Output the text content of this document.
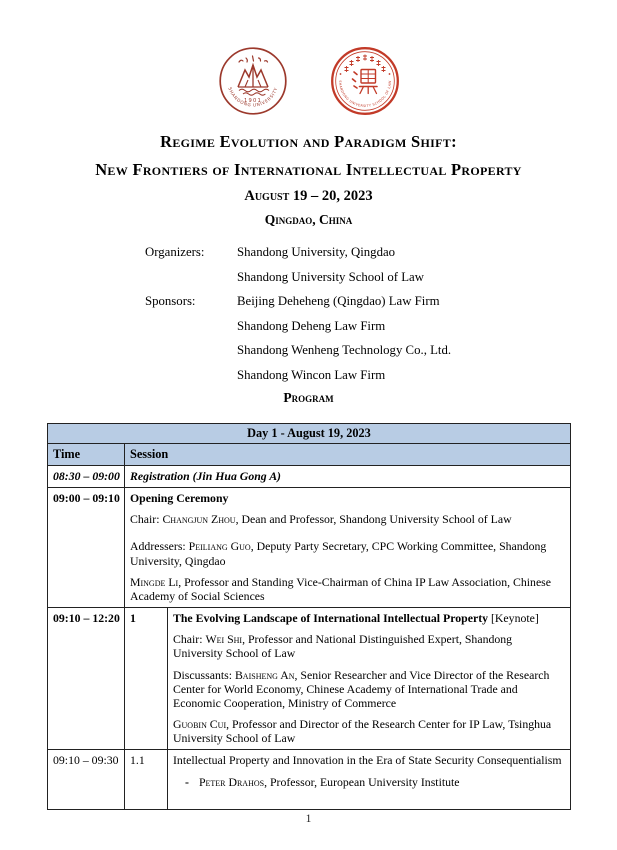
1901
SHANDONG UNIVERSITY
SHANDONG UNIVERSITY SCHOOL OF LAW
Regime Evolution and Paradigm Shift:
New Frontiers of International Intellectual Property
August 19 – 20, 2023
Qingdao, China
Organizers:	Shandong University, Qingdao
Shandong University School of Law
Sponsors:	Beijing Deheheng (Qingdao) Law Firm
Shandong Deheng Law Firm
Shandong Wenheng Technology Co., Ltd.
Shandong Wincon Law Firm
Program
Day 1 - August 19, 2023		
Time	Session	
08:30 – 09:00	Registration (Jin Hua Gong A)	

09:00 – 09:10	Opening Ceremony

Chair: Changjun Zhou, Dean and Professor, Shandong University School of Law

Addressers: Peiliang Guo, Deputy Party Secretary, CPC Working Committee, Shandong University, Qingdao

Mingde Li, Professor and Standing Vice-Chairman of China IP Law Association, Chinese Academy of Social Sciences	

09:10 – 12:20	1	The Evolving Landscape of International Intellectual Property [Keynote]

Chair: Wei Shi, Professor and National Distinguished Expert, Shandong University School of Law

Discussants: Baisheng An, Senior Researcher and Vice Director of the Research Center for World Economy, Chinese Academy of International Trade and Economic Cooperation, Ministry of Commerce

Guobin Cui, Professor and Director of the Research Center for IP Law, Tsinghua University School of Law

09:10 – 09:30	1.1	Intellectual Property and Innovation in the Era of State Security Consequentialism

- Peter Drahos, Professor, European University Institute

1
